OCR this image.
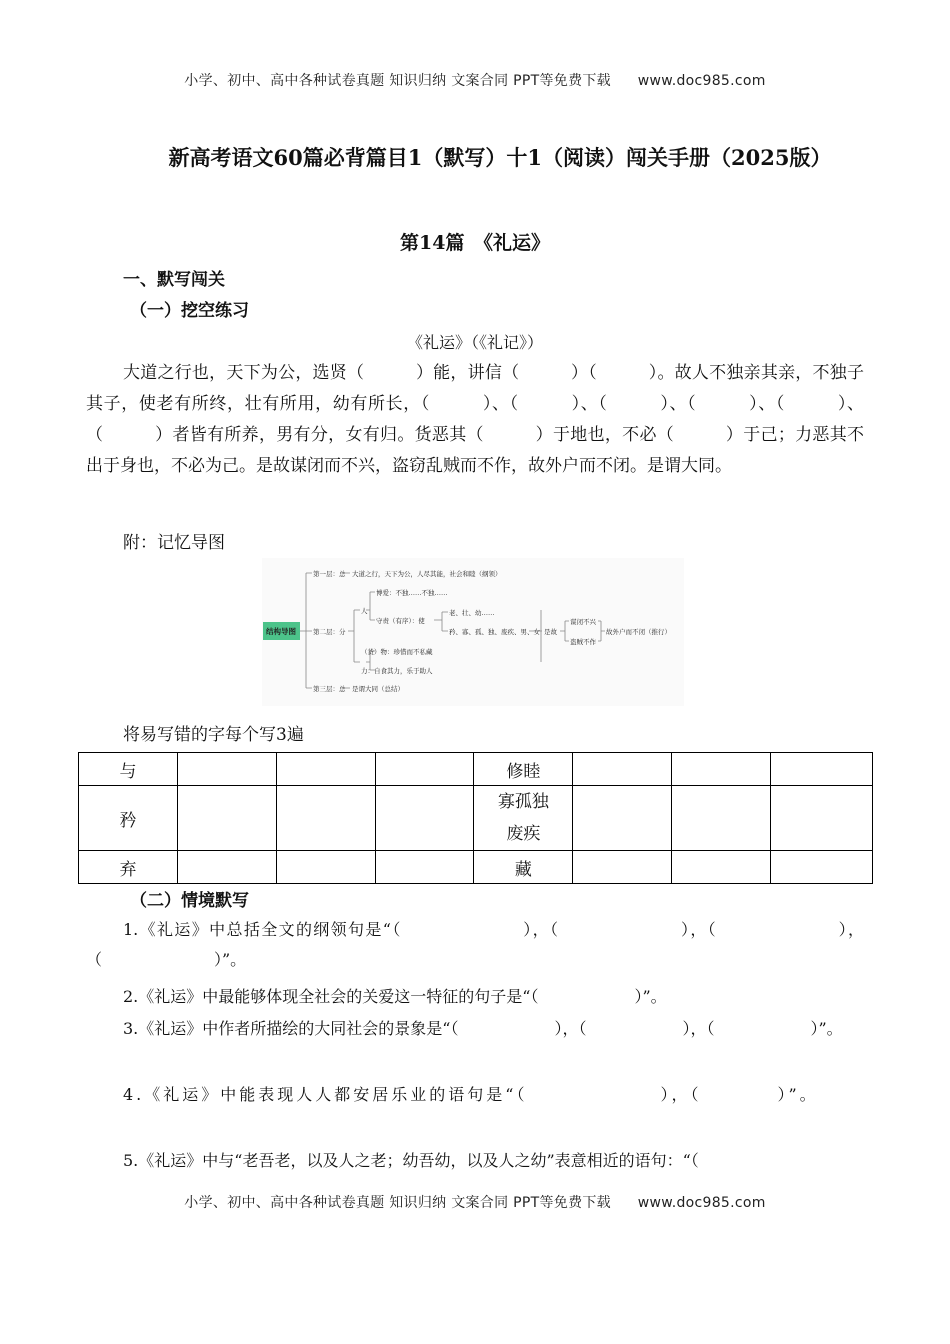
小学、初中、高中各种试卷真题 知识归纳 文案合同 PPT等免费下载 www.doc985.com
新高考语文60篇必背篇目1（默写）十1（阅读）闯关手册（2025版）
第14篇　《礼运》
一、默写闯关
（一）挖空练习
《礼运》（《礼记》）
大道之行也，天下为公，选贤（　　　）能，讲信（　　　）（　　　）。故人不独亲其亲，不独子其子，使老有所终，壮有所用，幼有所长，（　　　）、（　　　）、（　　　）、（　　　）、（　　　）、（　　　）者皆有所养，男有分，女有归。货恶其（　　　）于地也，不必（　　　）于己；力恶其不出于身也，不必为己。是故谋闭而不兴，盗窃乱贼而不作，故外户而不闭。是谓大同。
附：记忆导图
结构导图
第一层：总 大道之行，天下为公，人尽其能，社会和睦（纲领）
第二层：分
人
博爱：不独……不独……
守责（有序）：使
老、壮、幼……
矜、寡、孤、独、废疾、男、女
（货）物：珍惜而不私藏
力：自食其力，乐于助人
是故
谋闭不兴
盗贼不作
故外户而不闭（推行）
第三层：总 是谓大同（总结）
将易写错的字每个写3遍
与				修睦			
矜				寡孤独
废疾			

弃				藏			
（二）情境默写
1.《礼运》中总括全文的纲领句是“（　　　　　　　），（　　　　　　　），（　　　　　　　），（　　　　　　　）”。
2.《礼运》中最能够体现全社会的关爱这一特征的句子是“（　　　　　　）”。
3.《礼运》中作者所描绘的大同社会的景象是“（　　　　　　），（　　　　　　），（　　　　　　）”。
4.《礼运》中能表现人人都安居乐业的语句是“（　　　　　　　），（　　　　）”。
5.《礼运》中与“老吾老，以及人之老；幼吾幼，以及人之幼”表意相近的语句：“（
小学、初中、高中各种试卷真题 知识归纳 文案合同 PPT等免费下载 www.doc985.com
